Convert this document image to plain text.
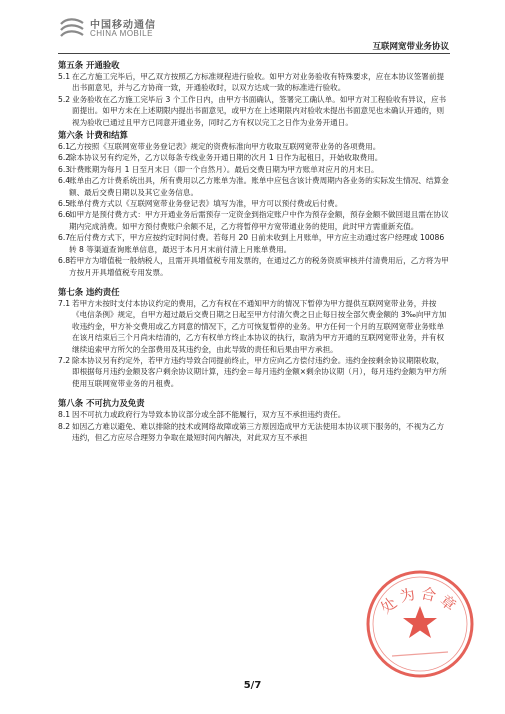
中国移动通信
CHINA MOBILE
互联网宽带业务协议
第五条 开通验收
5.1 在乙方施工完毕后，甲乙双方按照乙方标准规程进行验收。如甲方对业务验收有特殊要求，应在本协议签署前提出书面意见，并与乙方协商一致，开通验收时，以双方达成一致的标准进行验收。
5.2 业务验收在乙方施工完毕后 3 个工作日内，由甲方书面确认，签署完工确认单。如甲方对工程验收有异议，应书面提出。如甲方未在上述期限内提出书面意见，或甲方在上述期限内对验收未提出书面意见也未确认开通的，则视为验收已通过且甲方已同意开通业务，同时乙方有权以完工之日作为业务开通日。
第六条 计费和结算
6.1
乙方按照《互联网宽带业务登记表》规定的资费标准向甲方收取互联网宽带业务的各项费用。
6.2
除本协议另有约定外，乙方以每条专线业务开通日期的次月 1 日作为起租日，开始收取费用。
6.3
计费账期为每月 1 日至月末日（即一个自然月）。最后交费日期为甲方账单对应月的月末日。
6.4
账单由乙方计费系统出具，所有费用以乙方账单为准。账单中应包含该计费周期内各业务的实际发生情况、结算金额、最后交费日期以及其它业务信息。
6.5
账单付费方式以《互联网宽带业务登记表》填写为准，甲方可以预付费或后付费。
6.6
如甲方是预付费方式：甲方开通业务后需预存一定资金到指定账户中作为预存金额，预存金额不做回退且需在协议期内完成消费。如甲方预付费账户余额不足，乙方将暂停甲方宽带通业务的使用，此时甲方需重新充值。
6.7
在后付费方式下，甲方应按约定时间付费。若每月 20 日前未收到上月账单，甲方应主动通过客户经理或 10086 转 8 等渠道查询账单信息，最迟于本月月末前付清上月账单费用。
6.8
若甲方为增值税一般纳税人，且需开具增值税专用发票的，在通过乙方的税务资质审核并付清费用后，乙方将为甲方按月开具增值税专用发票。
第七条 违约责任
7.1 若甲方未按时支付本协议约定的费用，乙方有权在不通知甲方的情况下暂停为甲方提供互联网宽带业务，并按《电信条例》规定，自甲方超过最后交费日期之日起至甲方付清欠费之日止每日按全部欠费金额的 3‰向甲方加收违约金，甲方补交费用或乙方同意的情况下，乙方可恢复暂停的业务。甲方任何一个月的互联网宽带业务账单在该月结束后三个月尚未结清的，乙方有权单方终止本协议的执行，取消为甲方开通的互联网宽带业务，并有权继续追索甲方所欠的全部费用及其违约金，由此导致的责任和后果由甲方承担。
7.2 除本协议另有约定外，若甲方违约导致合同提前终止，甲方应向乙方偿付违约金。违约金按剩余协议期限收取，即根据每月违约金额及客户剩余协议期计算，违约金＝每月违约金额×剩余协议期（月），每月违约金额为甲方所使用互联网宽带业务的月租费。
第八条 不可抗力及免责
8.1 因不可抗力或政府行为导致本协议部分或全部不能履行，双方互不承担违约责任。
8.2 如因乙方难以避免、难以排除的技术或网络故障或第三方原因造成甲方无法使用本协议项下服务的，不视为乙方违约，但乙方应尽合理努力争取在最短时间内解决，对此双方互不承担
5/7
处为合章
